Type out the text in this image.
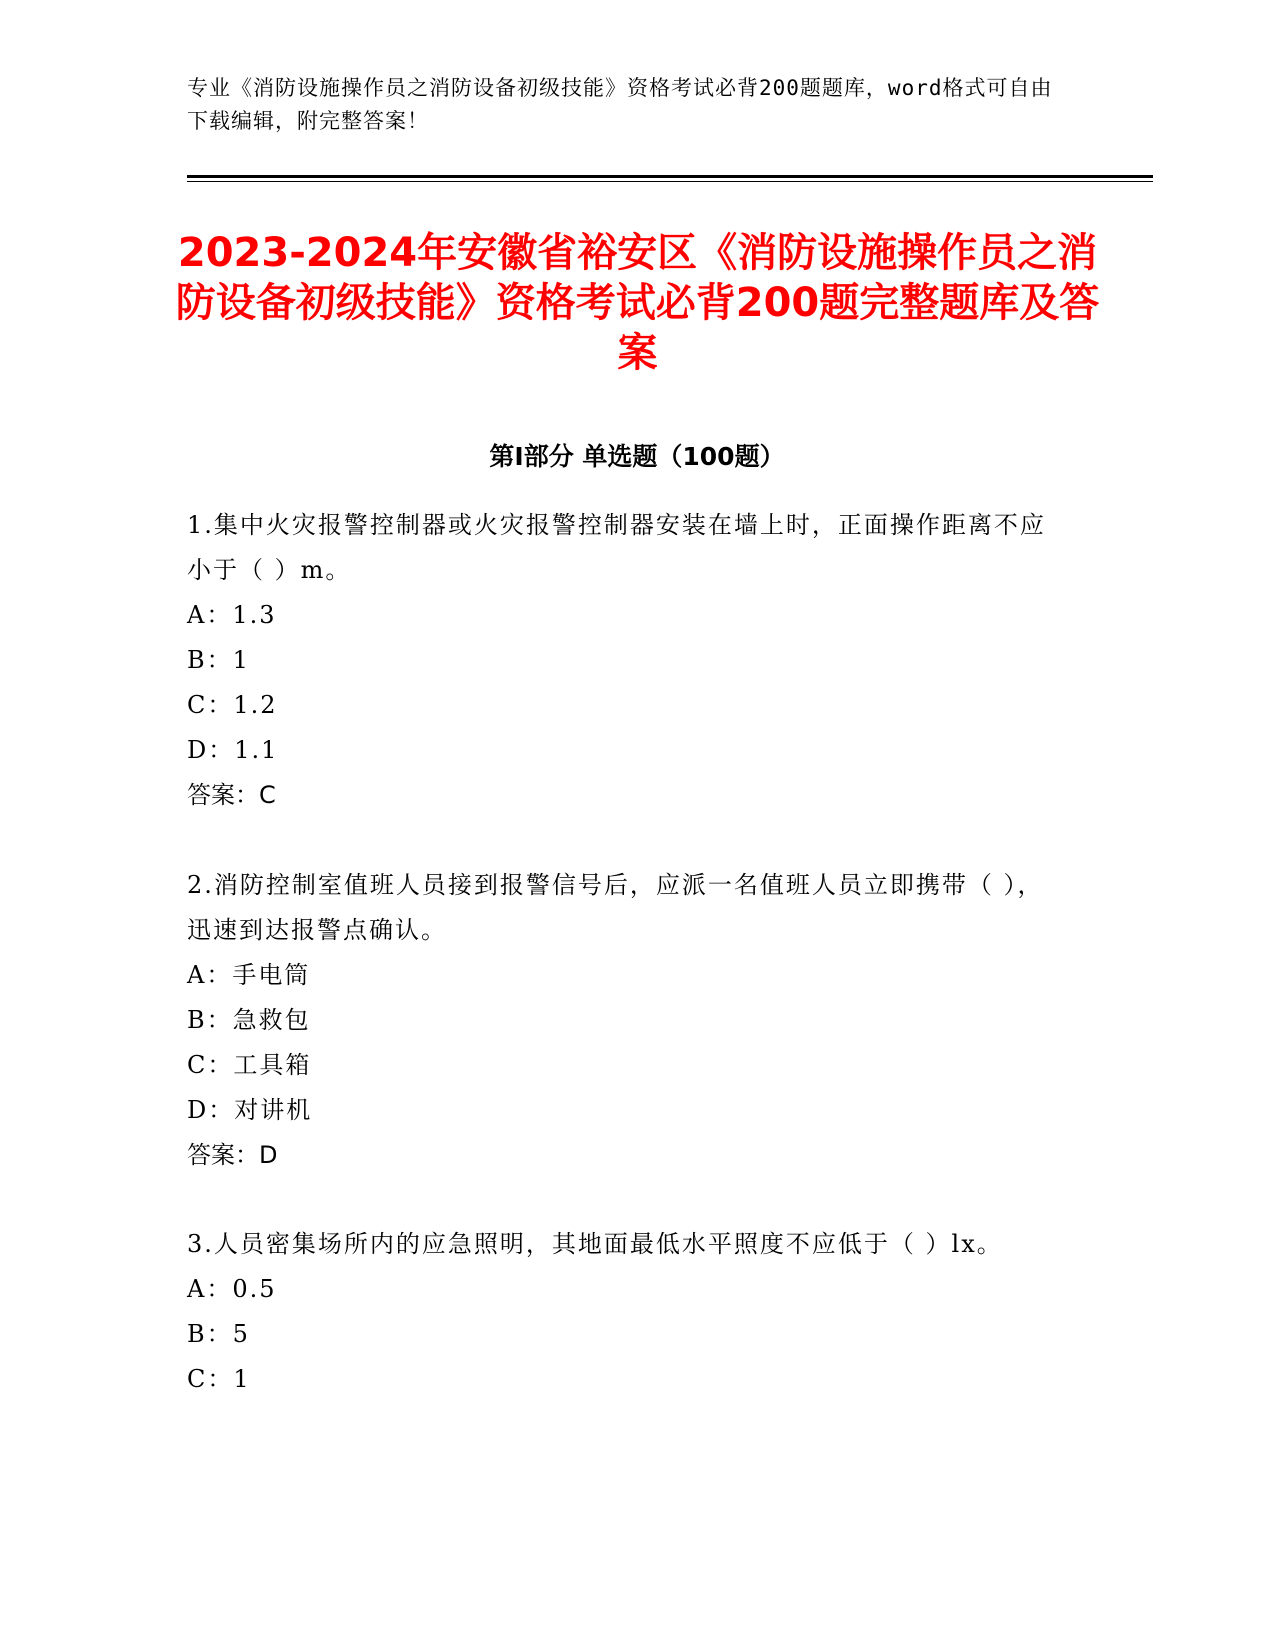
专业《消防设施操作员之消防设备初级技能》资格考试必背200题题库，word格式可自由下载编辑，附完整答案！
2023-2024年安徽省裕安区《消防设施操作员之消防设备初级技能》资格考试必背200题完整题库及答案
第Ⅰ部分 单选题（100题）
1.集中火灾报警控制器或火灾报警控制器安装在墙上时，正面操作距离不应小于（ ）m。
A：1.3
B：1
C：1.2
D：1.1
答案：C
2.消防控制室值班人员接到报警信号后，应派一名值班人员立即携带（ ），迅速到达报警点确认。
A：手电筒
B：急救包
C：工具箱
D：对讲机
答案：D
3.人员密集场所内的应急照明，其地面最低水平照度不应低于（ ）lx。
A：0.5
B：5
C：1
